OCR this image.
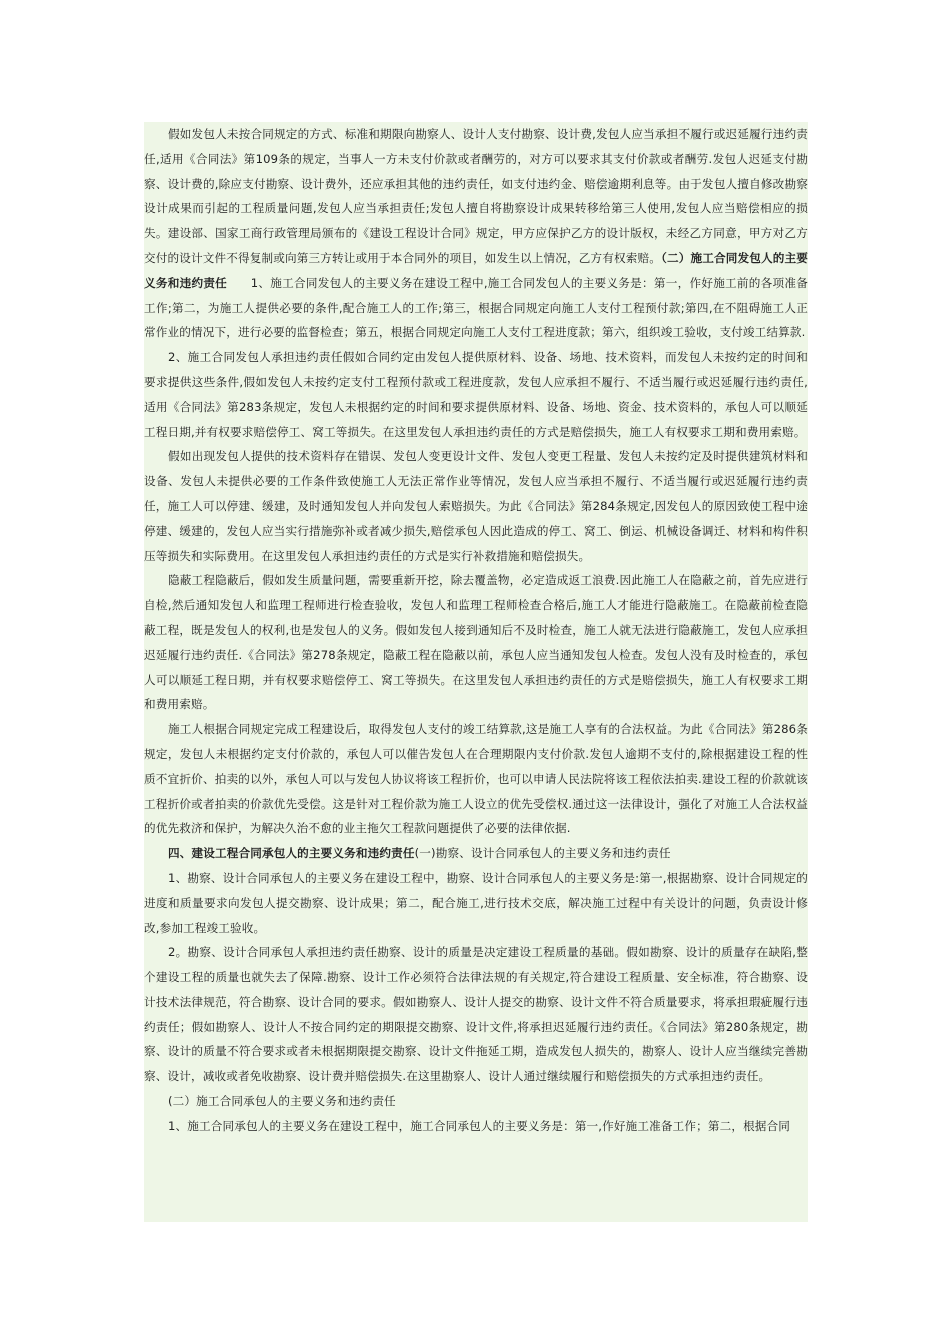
假如发包人未按合同规定的方式、标准和期限向勘察人、设计人支付勘察、设计费,发包人应当承担不履行或迟延履行违约责任,适用《合同法》第109条的规定，当事人一方未支付价款或者酬劳的，对方可以要求其支付价款或者酬劳.发包人迟延支付勘察、设计费的,除应支付勘察、设计费外，还应承担其他的违约责任，如支付违约金、赔偿逾期利息等。由于发包人擅自修改勘察设计成果而引起的工程质量问题,发包人应当承担责任;发包人擅自将勘察设计成果转移给第三人使用,发包人应当赔偿相应的损失。建设部、国家工商行政管理局颁布的《建设工程设计合同》规定，甲方应保护乙方的设计版权，未经乙方同意，甲方对乙方交付的设计文件不得复制或向第三方转让或用于本合同外的项目，如发生以上情况，乙方有权索赔。（二）施工合同发包人的主要义务和违约责任　　1、施工合同发包人的主要义务在建设工程中,施工合同发包人的主要义务是：第一，作好施工前的各项准备工作;第二，为施工人提供必要的条件,配合施工人的工作;第三，根据合同规定向施工人支付工程预付款;第四,在不阻碍施工人正常作业的情况下，进行必要的监督检查；第五，根据合同规定向施工人支付工程进度款；第六，组织竣工验收，支付竣工结算款.

2、施工合同发包人承担违约责任假如合同约定由发包人提供原材料、设备、场地、技术资料，而发包人未按约定的时间和要求提供这些条件,假如发包人未按约定支付工程预付款或工程进度款，发包人应承担不履行、不适当履行或迟延履行违约责任,适用《合同法》第283条规定，发包人未根据约定的时间和要求提供原材料、设备、场地、资金、技术资料的，承包人可以顺延工程日期,并有权要求赔偿停工、窝工等损失。在这里发包人承担违约责任的方式是赔偿损失，施工人有权要求工期和费用索赔。

假如出现发包人提供的技术资料存在错误、发包人变更设计文件、发包人变更工程量、发包人未按约定及时提供建筑材料和设备、发包人未提供必要的工作条件致使施工人无法正常作业等情况，发包人应当承担不履行、不适当履行或迟延履行违约责任，施工人可以停建、缓建，及时通知发包人并向发包人索赔损失。为此《合同法》第284条规定,因发包人的原因致使工程中途停建、缓建的，发包人应当实行措施弥补或者减少损失,赔偿承包人因此造成的停工、窝工、倒运、机械设备调迁、材料和构件积压等损失和实际费用。在这里发包人承担违约责任的方式是实行补救措施和赔偿损失。

隐蔽工程隐蔽后，假如发生质量问题，需要重新开挖，除去覆盖物，必定造成返工浪费.因此施工人在隐蔽之前，首先应进行自检,然后通知发包人和监理工程师进行检查验收，发包人和监理工程师检查合格后,施工人才能进行隐蔽施工。在隐蔽前检查隐蔽工程，既是发包人的权利,也是发包人的义务。假如发包人接到通知后不及时检查，施工人就无法进行隐蔽施工，发包人应承担迟延履行违约责任.《合同法》第278条规定，隐蔽工程在隐蔽以前，承包人应当通知发包人检查。发包人没有及时检查的，承包人可以顺延工程日期，并有权要求赔偿停工、窝工等损失。在这里发包人承担违约责任的方式是赔偿损失，施工人有权要求工期和费用索赔。

施工人根据合同规定完成工程建设后，取得发包人支付的竣工结算款,这是施工人享有的合法权益。为此《合同法》第286条规定，发包人未根据约定支付价款的，承包人可以催告发包人在合理期限内支付价款.发包人逾期不支付的,除根据建设工程的性质不宜折价、拍卖的以外，承包人可以与发包人协议将该工程折价，也可以申请人民法院将该工程依法拍卖.建设工程的价款就该工程折价或者拍卖的价款优先受偿。这是针对工程价款为施工人设立的优先受偿权.通过这一法律设计，强化了对施工人合法权益的优先救济和保护，为解决久治不愈的业主拖欠工程款问题提供了必要的法律依据.

四、建设工程合同承包人的主要义务和违约责任(一)勘察、设计合同承包人的主要义务和违约责任

1、勘察、设计合同承包人的主要义务在建设工程中，勘察、设计合同承包人的主要义务是:第一,根据勘察、设计合同规定的进度和质量要求向发包人提交勘察、设计成果；第二，配合施工,进行技术交底，解决施工过程中有关设计的问题，负责设计修改,参加工程竣工验收。

2。勘察、设计合同承包人承担违约责任勘察、设计的质量是决定建设工程质量的基础。假如勘察、设计的质量存在缺陷,整个建设工程的质量也就失去了保障.勘察、设计工作必须符合法律法规的有关规定,符合建设工程质量、安全标准，符合勘察、设计技术法律规范，符合勘察、设计合同的要求。假如勘察人、设计人提交的勘察、设计文件不符合质量要求，将承担瑕疵履行违约责任；假如勘察人、设计人不按合同约定的期限提交勘察、设计文件,将承担迟延履行违约责任。《合同法》第280条规定，勘察、设计的质量不符合要求或者未根据期限提交勘察、设计文件拖延工期，造成发包人损失的，勘察人、设计人应当继续完善勘察、设计，减收或者免收勘察、设计费并赔偿损失.在这里勘察人、设计人通过继续履行和赔偿损失的方式承担违约责任。

(二）施工合同承包人的主要义务和违约责任

1、施工合同承包人的主要义务在建设工程中，施工合同承包人的主要义务是：第一,作好施工准备工作；第二，根据合同
